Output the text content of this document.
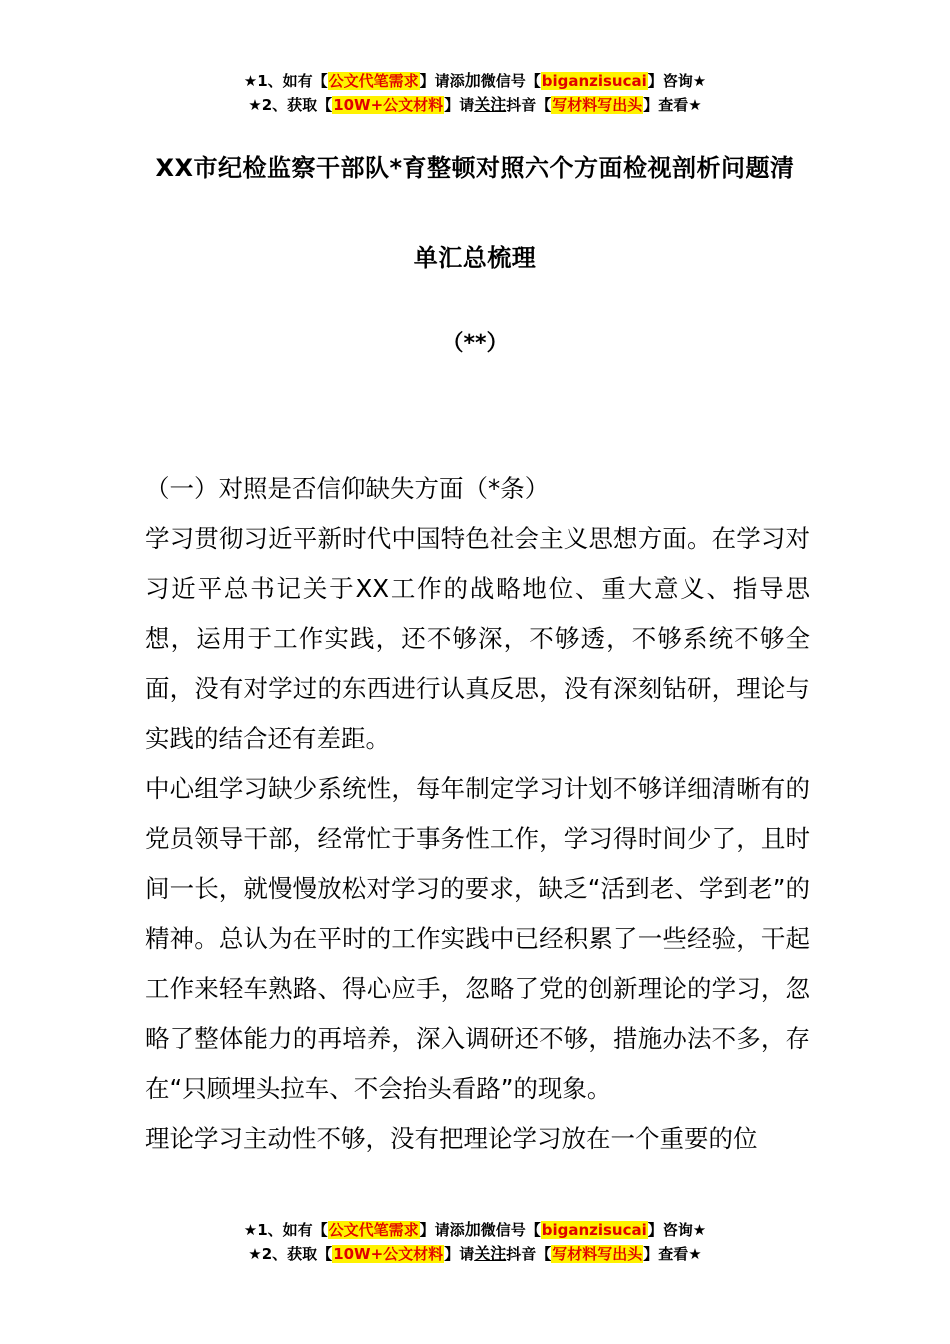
★1、如有【公文代笔需求】请添加微信号【biganzisucai】咨询★
★2、获取【10W+公文材料】请关注抖音【写材料写出头】查看★
XX市纪检监察干部队*育整顿对照六个方面检视剖析问题清
单汇总梳理
（**）

（一）对照是否信仰缺失方面（*条）

学习贯彻习近平新时代中国特色社会主义思想方面。在学习对习近平总书记关于XX工作的战略地位、重大意义、指导思想，运用于工作实践，还不够深，不够透，不够系统不够全面，没有对学过的东西进行认真反思，没有深刻钻研，理论与实践的结合还有差距。

中心组学习缺少系统性，每年制定学习计划不够详细清晰有的党员领导干部，经常忙于事务性工作，学习得时间少了，且时间一长，就慢慢放松对学习的要求，缺乏“活到老、学到老”的精神。总认为在平时的工作实践中已经积累了一些经验，干起工作来轻车熟路、得心应手，忽略了党的创新理论的学习，忽略了整体能力的再培养，深入调研还不够，措施办法不多，存在“只顾埋头拉车、不会抬头看路”的现象。

理论学习主动性不够，没有把理论学习放在一个重要的位

★1、如有【公文代笔需求】请添加微信号【biganzisucai】咨询★
★2、获取【10W+公文材料】请关注抖音【写材料写出头】查看★
